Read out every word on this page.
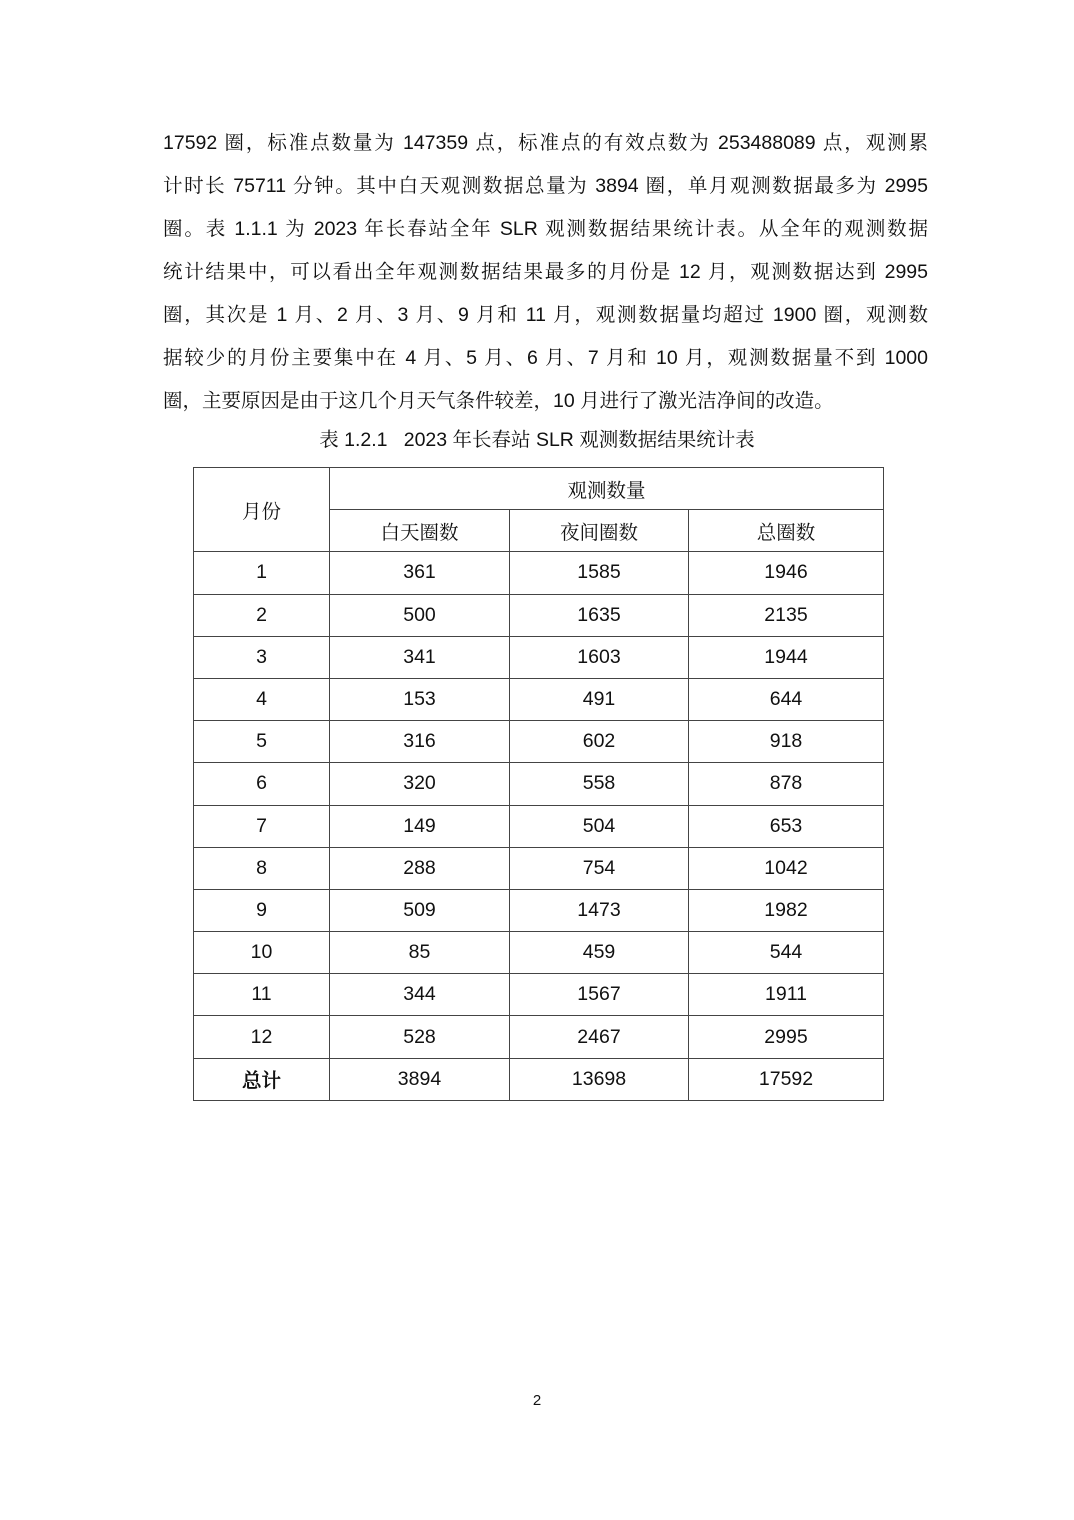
17592 圈，标准点数量为 147359 点，标准点的有效点数为 253488089 点，观测累
计时长 75711 分钟。其中白天观测数据总量为 3894 圈，单月观测数据最多为 2995
圈。表 1.1.1 为 2023 年长春站全年 SLR 观测数据结果统计表。从全年的观测数据
统计结果中，可以看出全年观测数据结果最多的月份是 12 月，观测数据达到 2995
圈，其次是 1 月、2 月、3 月、9 月和 11 月，观测数据量均超过 1900 圈，观测数
据较少的月份主要集中在 4 月、5 月、6 月、7 月和 10 月，观测数据量不到 1000
圈，主要原因是由于这几个月天气条件较差，10 月进行了激光洁净间的改造。
表 1.2.1   2023 年长春站 SLR 观测数据结果统计表
月份	观测数量		
	白天圈数	夜间圈数	总圈数
1	361	1585	1946
2	500	1635	2135
3	341	1603	1944
4	153	491	644
5	316	602	918
6	320	558	878
7	149	504	653
8	288	754	1042
9	509	1473	1982
10	85	459	544
11	344	1567	1911
12	528	2467	2995
总计	3894	13698	17592
2
